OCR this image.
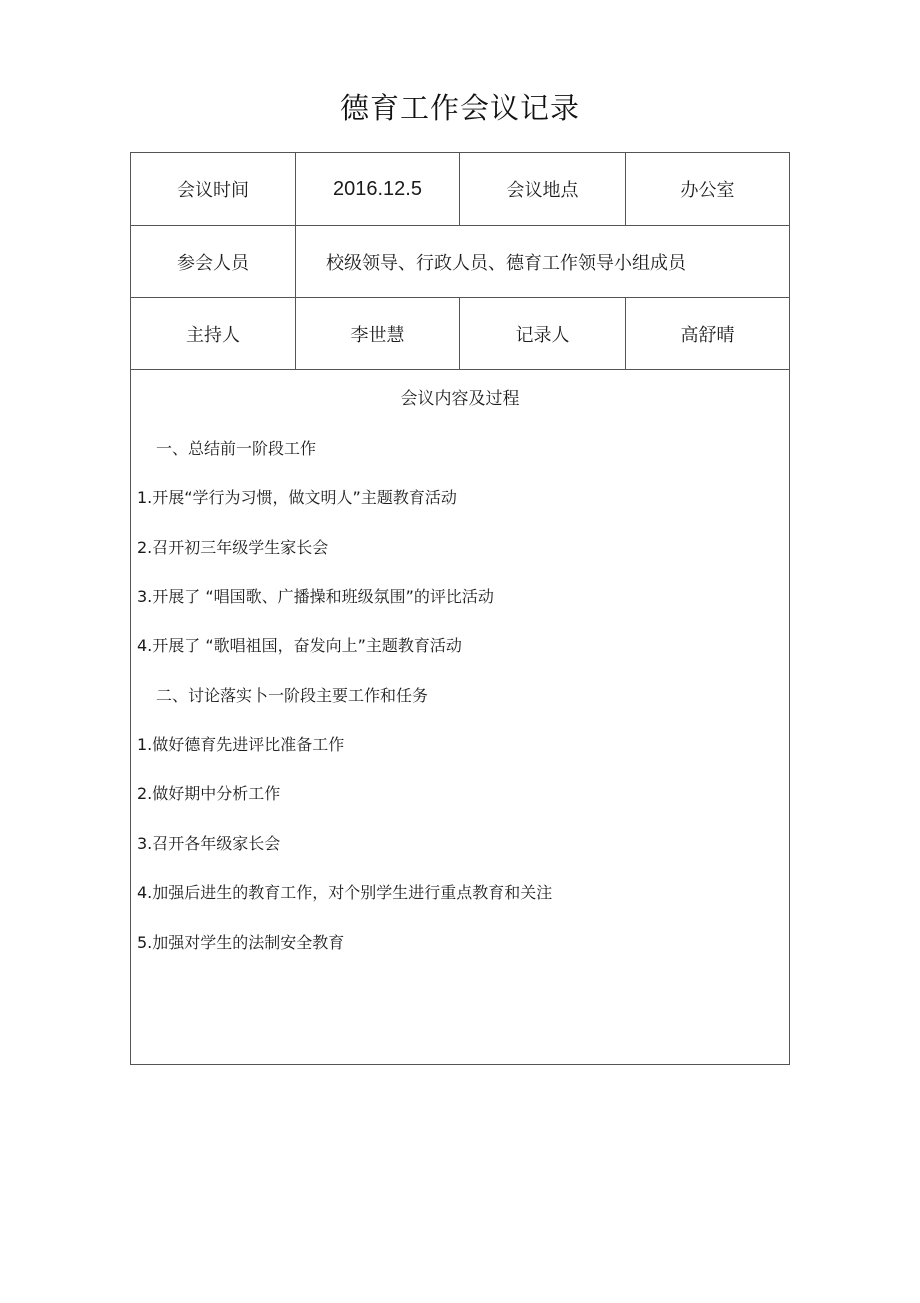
德育工作会议记录
会议时间	2016.12.5	会议地点	办公室
参会人员	校级领导、行政人员、德育工作领导小组成员
主持人	李世慧	记录人	高舒晴
会议内容及过程
一、总结前一阶段工作
1.开展“学行为习惯，做文明人”主题教育活动
2.召开初三年级学生家长会
3.开展了 “唱国歌、广播操和班级氛围”的评比活动
4.开展了 “歌唱祖国，奋发向上”主题教育活动
二、讨论落实卜一阶段主要工作和任务
1.做好德育先进评比准备工作
2.做好期中分析工作
3.召开各年级家长会
4.加强后进生的教育工作，对个别学生进行重点教育和关注
5.加强对学生的法制安全教育
